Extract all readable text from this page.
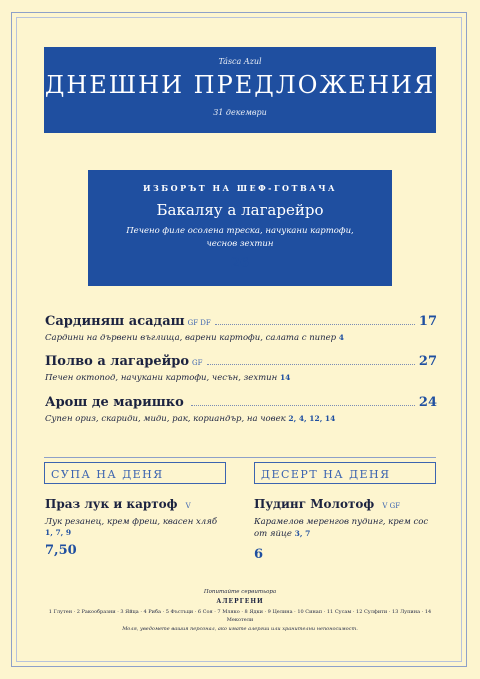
Táscа Azul
ДНЕШНИ ПРЕДЛОЖЕНИЯ
31 декември
ИЗБОРЪТ НА ШЕФ-ГОТВАЧА
Бакаляу а лагарейро
Печено филе осолена треска, начукани картофи, чеснов зехтин
26
Сардиняш асадаш GF DF	17
Сардини на дървени въглища, варени картофи, салата с пипер 4
Полво а лагарейро GF	27
Печен октопод, начукани картофи, чесън, зехтин 14
Арош де маришко	24
Супен ориз, скариди, миди, рак, кориандър, на човек 2, 4, 12, 14
СУПА НА ДЕНЯ	ДЕСЕРТ НА ДЕНЯ
Праз лук и картоф V
Лук резанец, крем фреш, квасен хляб
1, 7, 9
7,50
Пудинг Молотоф V GF
Карамелов меренгов пудинг, крем сос от яйце 3, 7
6
Попитайте сервитьора
АЛЕРГЕНИ
1 Глутен · 2 Ракообразни · 3 Яйца · 4 Риба · 5 Фъстъци · 6 Соя · 7 Мляко · 8 Ядки · 9 Целина · 10 Синап · 11 Сусам · 12 Сулфити · 13 Лупина · 14 Мекотели
Моля, уведомете вашия персонал, ако имате алергии или хранителни непоносимост.
